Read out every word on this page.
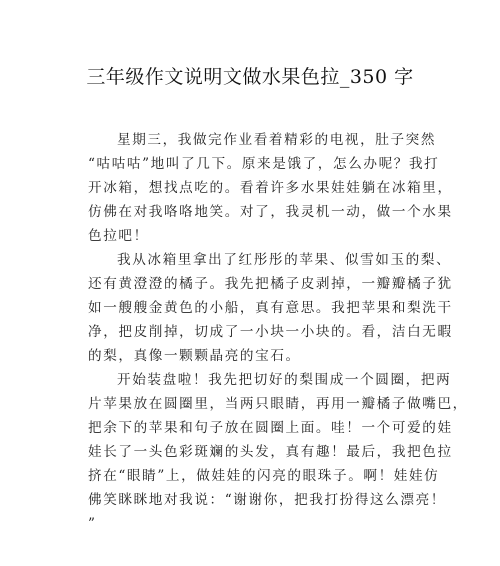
三年级作文说明文做水果色拉_350 字
星期三，我做完作业看着精彩的电视，肚子突然
“咕咕咕”地叫了几下。原来是饿了，怎么办呢？我打
开冰箱，想找点吃的。看着许多水果娃娃躺在冰箱里，
仿佛在对我咯咯地笑。对了，我灵机一动，做一个水果
色拉吧！
我从冰箱里拿出了红彤彤的苹果、似雪如玉的梨、
还有黄澄澄的橘子。我先把橘子皮剥掉，一瓣瓣橘子犹
如一艘艘金黄色的小船，真有意思。我把苹果和梨洗干
净，把皮削掉，切成了一小块一小块的。看，洁白无暇
的梨，真像一颗颗晶亮的宝石。
开始装盘啦！我先把切好的梨围成一个圆圈，把两
片苹果放在圆圈里，当两只眼睛，再用一瓣橘子做嘴巴，
把余下的苹果和句子放在圆圈上面。哇！一个可爱的娃
娃长了一头色彩斑斓的头发，真有趣！最后，我把色拉
挤在“眼睛”上，做娃娃的闪亮的眼珠子。啊！娃娃仿
佛笑眯眯地对我说：“谢谢你，把我打扮得这么漂亮！
”
